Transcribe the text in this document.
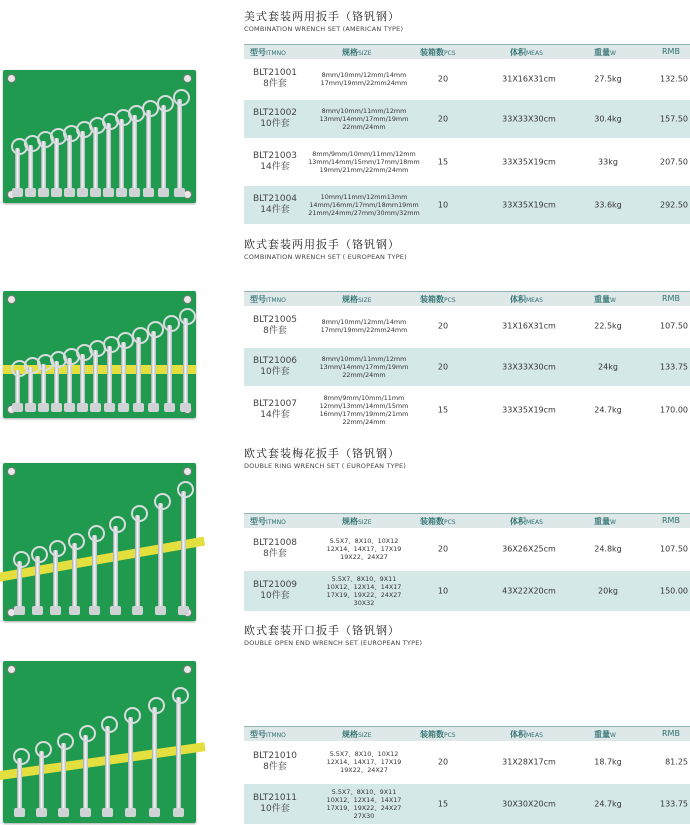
美式套装两用扳手（铬钒钢）
COMBINATION WRENCH SET (AMERICAN TYPE)
型号ITMNO	规格SIZE	装箱数PCS	体积MEAS	重量W	RMB
BLT21001
8件套
8mm/10mm/12mm/14mm
17mm/19mm/22mm24mm	20	31X16X31cm	27.5kg	132.50
BLT21002
10件套
8mm/10mm/11mm/12mm
13mm/14mm/17mm/19mm
22mm/24mm
20	33X33X30cm	30.4kg	157.50
BLT21003
14件套
8mm/9mm/10mm/11mm/12mm
13mm/14mm/15mm/17mm/18mm
19mm/21mm/22mm/24mm
15	33X35X19cm	33kg	207.50
BLT21004
14件套
10mm/11mm/12mm13mm
14mm/16mm/17mm/18mm19mm
21mm/24mm/27mm/30mm/32mm
10	33X35X19cm	33.6kg	292.50
欧式套装两用扳手（铬钒钢）
COMBINATION WRENCH SET ( EUROPEAN TYPE)
型号ITMNO	规格SIZE	装箱数PCS	体积MEAS	重量W	RMB
BLT21005
8件套
8mm/10mm/12mm/14mm
17mm/19mm/22mm24mm	20	31X16X31cm	22.5kg	107.50
BLT21006
10件套
8mm/10mm/11mm/12mm
13mm/14mm/17mm/19mm
22mm/24mm
20	33X33X30cm	24kg	133.75
BLT21007
14件套
8mm/9mm/10mm/11mm
12mm/13mm/14mm/15mm
16mm/17mm/19mm/21mm
22mm/24mm
15	33X35X19cm	24.7kg	170.00
欧式套装梅花扳手（铬钒钢）
DOUBLE RING WRENCH SET ( EUROPEAN TYPE)
型号ITMNO	规格SIZE	装箱数PCS	体积MEAS	重量W	RMB
BLT21008
8件套
5.5X7、8X10、10X12
12X14、14X17、17X19
19X22、24X27
20	36X26X25cm	24.8kg	107.50
BLT21009
10件套
5.5X7、8X10、9X11
10X12、12X14、14X17
17X19、19X22、24X27
30X32
10	43X22X20cm	20kg	150.00
欧式套装开口扳手（铬钒钢）
DOUBLE OPEN END WRENCH SET (EUROPEAN TYPE)
型号ITMNO	规格SIZE	装箱数PCS	体积MEAS	重量W	RMB
BLT21010
8件套
5.5X7、8X10、10X12
12X14、14X17、17X19
19X22、24X27
20	31X28X17cm	18.7kg	81.25
BLT21011
10件套
5.5X7、8X10、9X11
10X12、12X14、14X17
17X19、19X22、24X27
27X30
15	30X30X20cm	24.7kg	133.75
